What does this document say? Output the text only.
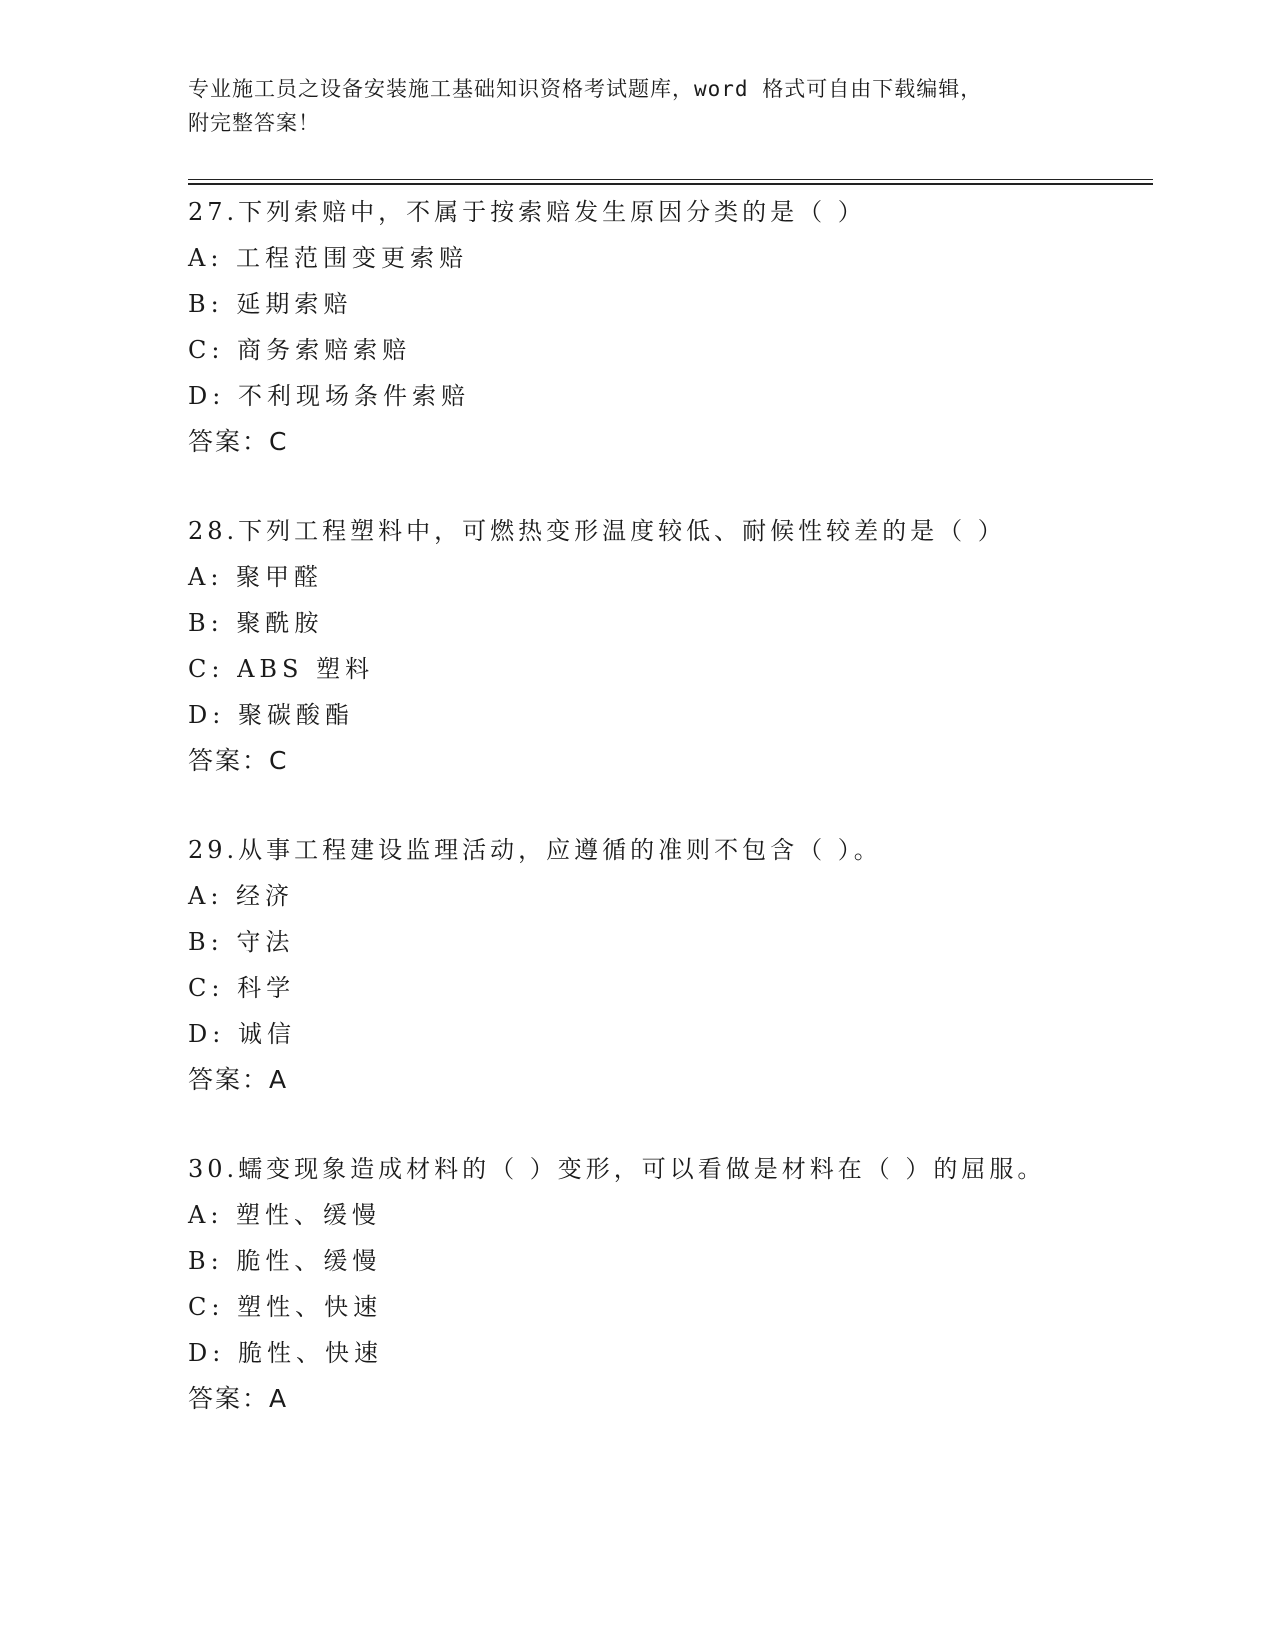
专业施工员之设备安装施工基础知识资格考试题库，word 格式可自由下载编辑，
附完整答案！
27.下列索赔中，不属于按索赔发生原因分类的是（ ）
A: 工程范围变更索赔
B: 延期索赔
C: 商务索赔索赔
D: 不利现场条件索赔
答案：C
28.下列工程塑料中，可燃热变形温度较低、耐候性较差的是（ ）
A: 聚甲醛
B: 聚酰胺
C: ABS 塑料
D: 聚碳酸酯
答案：C
29.从事工程建设监理活动，应遵循的准则不包含（ ）。
A: 经济
B: 守法
C: 科学
D: 诚信
答案：A
30.蠕变现象造成材料的（ ）变形，可以看做是材料在（ ）的屈服。
A: 塑性、缓慢
B: 脆性、缓慢
C: 塑性、快速
D: 脆性、快速
答案：A
